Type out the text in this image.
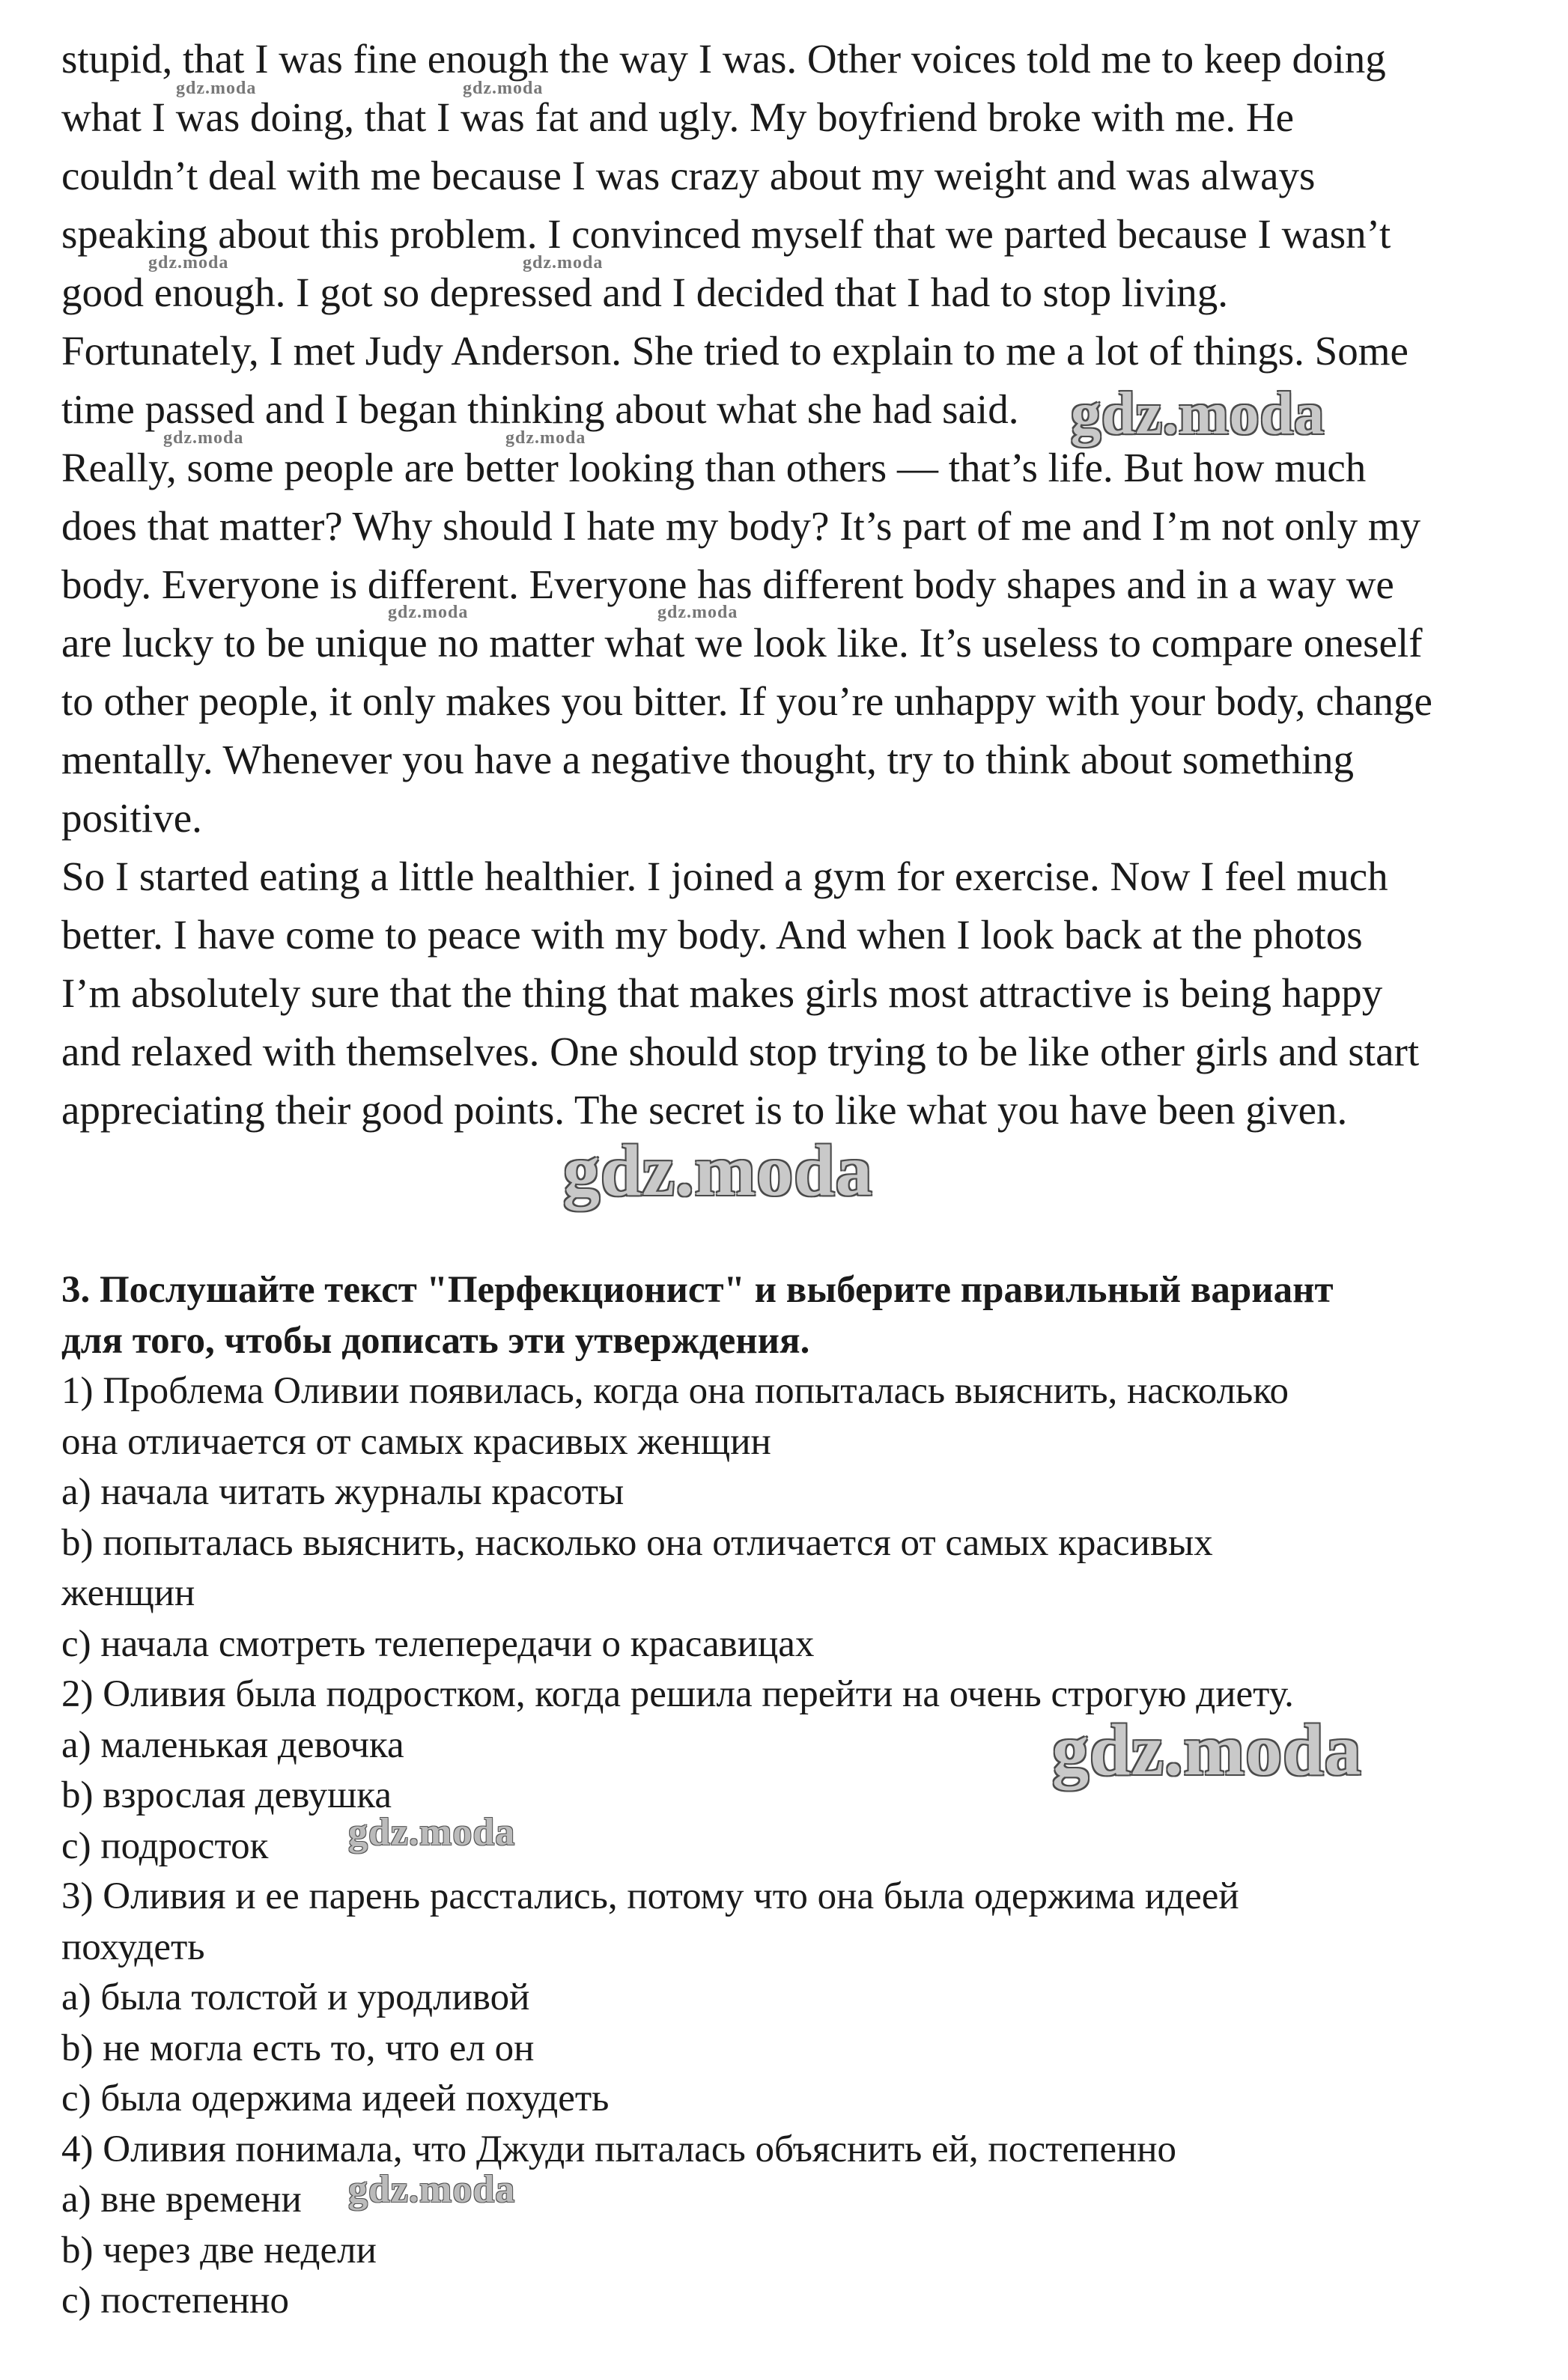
stupid, that I was fine enough the way I was. Other voices told me to keep doing
what I was doing, that I was fat and ugly. My boyfriend broke with me. He
couldn’t deal with me because I was crazy about my weight and was always
speaking about this problem. I convinced myself that we parted because I wasn’t
good enough. I got so depressed and I decided that I had to stop living.
Fortunately, I met Judy Anderson. She tried to explain to me a lot of things. Some
time passed and I began thinking about what she had said.
Really, some people are better looking than others — that’s life. But how much
does that matter? Why should I hate my body? It’s part of me and I’m not only my
body. Everyone is different. Everyone has different body shapes and in a way we
are lucky to be unique no matter what we look like. It’s useless to compare oneself
to other people, it only makes you bitter. If you’re unhappy with your body, change
mentally. Whenever you have a negative thought, try to think about something
positive.
So I started eating a little healthier. I joined a gym for exercise. Now I feel much
better. I have come to peace with my body. And when I look back at the photos
I’m absolutely sure that the thing that makes girls most attractive is being happy
and relaxed with themselves. One should stop trying to be like other girls and start
appreciating their good points. The secret is to like what you have been given.
3. Послушайте текст "Перфекционист" и выберите правильный вариант
для того, чтобы дописать эти утверждения.
1) Проблема Оливии появилась, когда она попыталась выяснить, насколько
она отличается от самых красивых женщин
a) начала читать журналы красоты
b) попыталась выяснить, насколько она отличается от самых красивых
женщин
c) начала смотреть телепередачи о красавицах
2) Оливия была подростком, когда решила перейти на очень строгую диету.
a) маленькая девочка
b) взрослая девушка
c) подросток
3) Оливия и ее парень расстались, потому что она была одержима идеей
похудеть
a) была толстой и уродливой
b) не могла есть то, что ел он
c) была одержима идеей похудеть
4) Оливия понимала, что Джуди пыталась объяснить ей, постепенно
a) вне времени
b) через две недели
c) постепенно
gdz.moda	gdz.moda
gdz.moda	gdz.moda
gdz.moda
gdz.moda	gdz.moda
gdz.moda	gdz.moda
gdz.moda
gdz.moda
gdz.moda
gdz.moda
